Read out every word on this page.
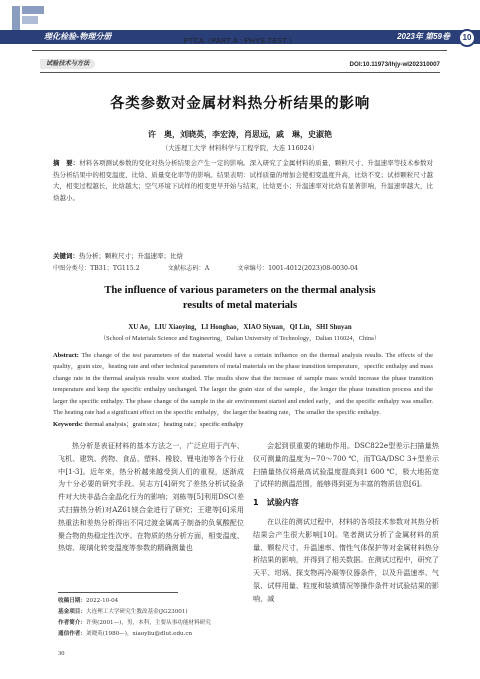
理化检验-物理分册	2023年 第59卷	10
PTCA（PART A : PHYS.TEST.）
试验技术与方法	DOI:10.11973/lhjy-wl202310007
各类参数对金属材料热分析结果的影响
许　奥，刘晓英，李宏涛，肖思远，戚　琳，史淑艳
（大连理工大学 材料科学与工程学院，大连 116024）
摘　要：材料各项测试参数的变化对热分析结果会产生一定的影响。深入研究了金属材料的质量、颗粒尺寸、升温速率等技术参数对热分析结果中的相变温度、比焓、质量变化率等的影响。结果表明：试样质量的增加会使相变温度升高，比焓不变；试样颗粒尺寸越大，相变过程越长，比焓越大；空气环境下试样的相变更早开始与结束，比焓更小；升温速率对比焓有显著影响，升温速率越大，比焓越小。
关键词：热分析；颗粒尺寸；升温速率；比焓
中图分类号：TB31；TG115.2	文献标志码：A	文章编号：1001-4012(2023)08-0030-04
The influence of various parameters on the thermal analysis
results of metal materials
XU Ao，LIU Xiaoying，LI Honghao，XIAO Siyuan，QI Lin，SHI Shuyan
（School of Materials Science and Engineering，Dalian University of Technology，Dalian 116024，China）
Abstract: The change of the test parameters of the material would have a certain influence on the thermal analysis results. The effects of the quality，grain size，heating rate and other technical parameters of metal materials on the phase transition temperature，specific enthalpy and mass change rate in the thermal analysis results were studied. The results show that the increase of sample mass would increase the phase transition temperature and keep the specific enthalpy unchanged. The larger the grain size of the sample，the longer the phase transition process and the larger the specific enthalpy. The phase change of the sample in the air environment started and ended early，and the specific enthalpy was smaller. The heating rate had a significant effect on the specific enthalpy，the larger the heating rate，The smaller the specific enthalpy.
Keywords: thermal analysis；grain size；heating rate；specific enthalpy

热分析是表征材料的基本方法之一，广泛应用于汽车、飞机、建筑、药物、食品、塑料、橡胶、锂电池等各个行业中[1-3]。近年来，热分析越来越受到人们的重视，逐渐成为十分必要的研究手段。吴志方[4]研究了差热分析试验条件对大块非晶合金晶化行为的影响；刘栋等[5]利用DSC(差式扫描热分析)对AZ61镁合金进行了研究；王建等[6]采用热重法和差热分析得出不同过渡金属离子制备的负氧酸配位聚合物的热稳定性次序。在物质的热分析方面，相变温度、热熔、玻璃化转变温度等参数的精确测量也

会起到很重要的辅助作用。DSC822e型差示扫描量热仪可测量的温度为−70～700 ℃，而TGA/DSC 3+型差示扫描量热仪将最高试验温度提高到1 600 ℃，极大地拓宽了试样的测温范围，能够得到更为丰富的物质信息[6]。

1　试验内容

在以往的测试过程中，材料的各项技术参数对其热分析结果会产生很大影响[10]。笔者测试分析了金属材料的质量、颗粒尺寸、升温速率、惰性气体保护等对金属材料热分析结果的影响，并得到了相关数据。在测试过程中，研究了天平、坩埚、探支物再冷凝等仪器条件，以及升温速率、气氛、试样用量、粒度和装填情况等操作条件对试验结果的影响，减

收稿日期：2022-10-04
基金项目：大连理工大学研究生教改基金(JG23001)
作者简介：许奥(2001—)，男，本科，主要从事功能材料研究
通信作者：刘晓英(1980—)，xiaoyliu@dlut.edu.cn
30
